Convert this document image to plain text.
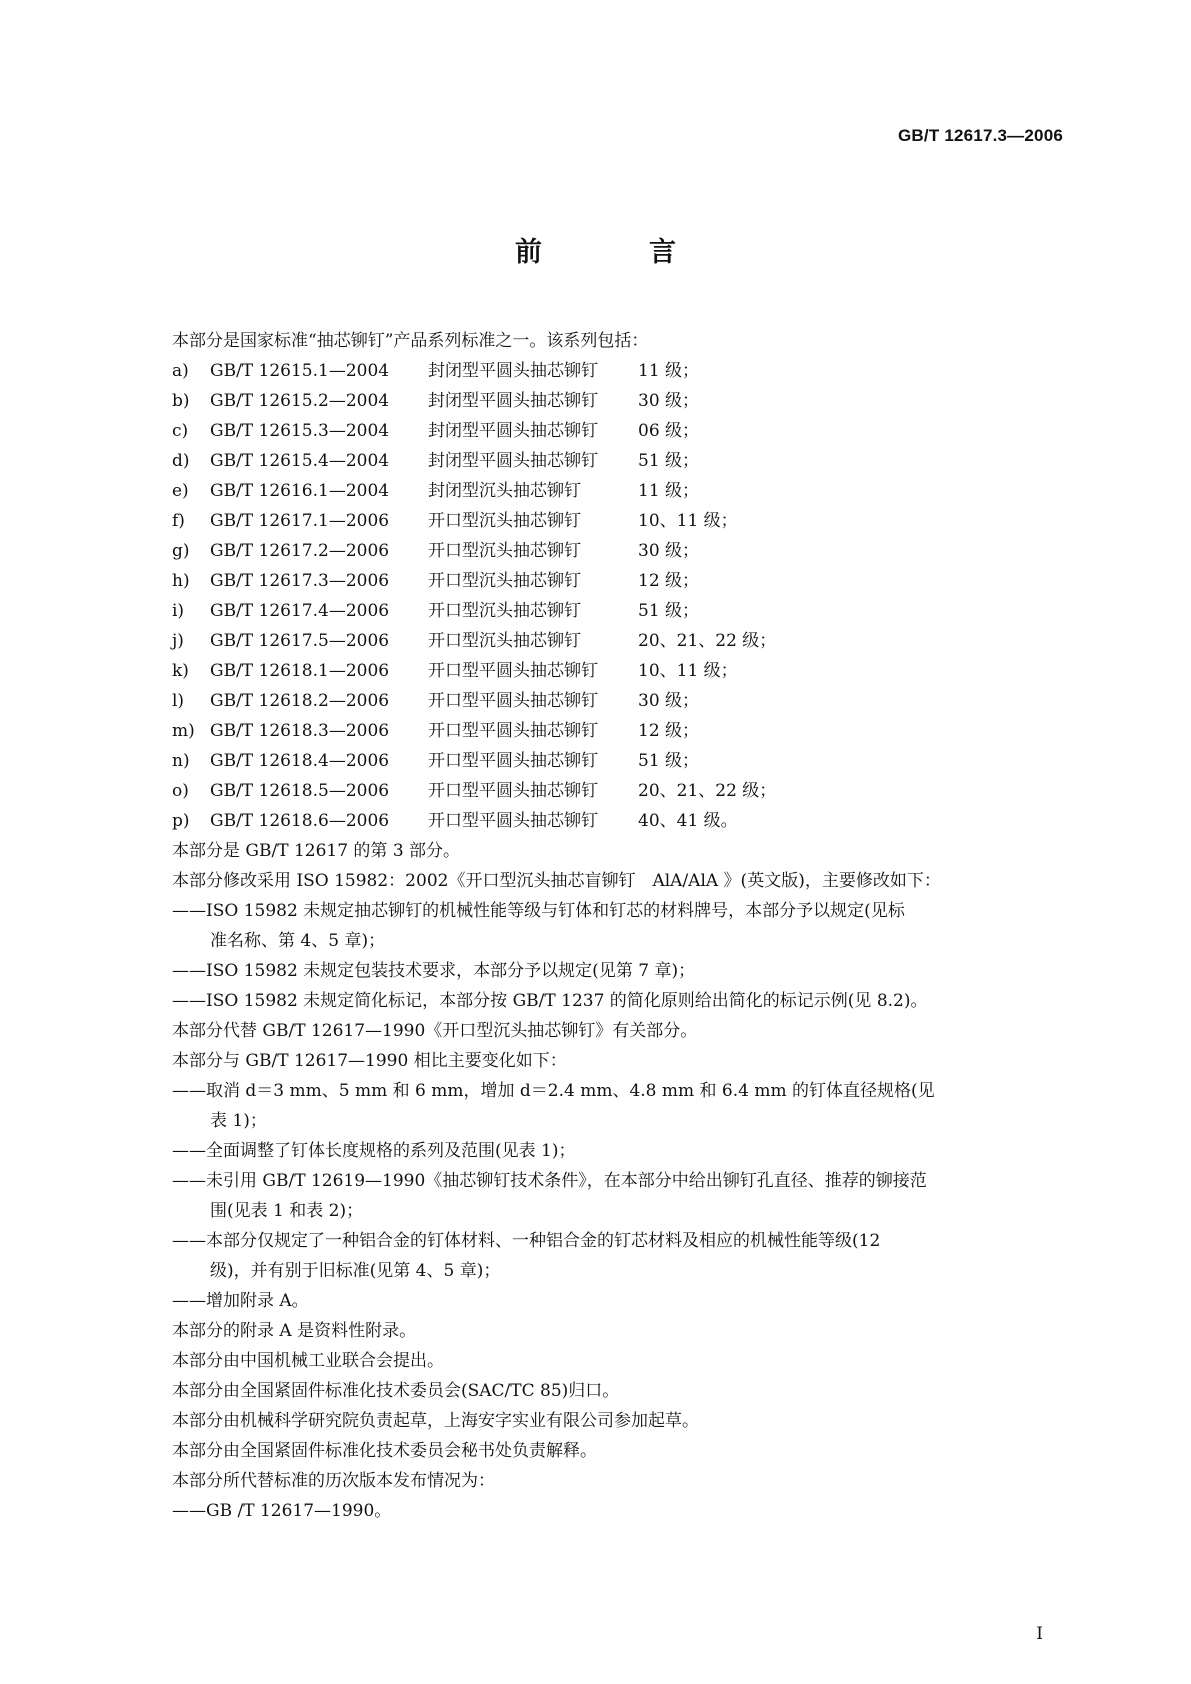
GB/T 12617.3—2006
前　言
本部分是国家标准“抽芯铆钉”产品系列标准之一。该系列包括：
a) GB/T 12615.1—2004 封闭型平圆头抽芯铆钉 11 级；
b) GB/T 12615.2—2004 封闭型平圆头抽芯铆钉 30 级；
c) GB/T 12615.3—2004 封闭型平圆头抽芯铆钉 06 级；
d) GB/T 12615.4—2004 封闭型平圆头抽芯铆钉 51 级；
e) GB/T 12616.1—2004 封闭型沉头抽芯铆钉	11 级；
f) GB/T 12617.1—2006 开口型沉头抽芯铆钉	10、11 级；
g) GB/T 12617.2—2006 开口型沉头抽芯铆钉	30 级；
h) GB/T 12617.3—2006 开口型沉头抽芯铆钉	12 级；
i) GB/T 12617.4—2006 开口型沉头抽芯铆钉	51 级；
j) GB/T 12617.5—2006 开口型沉头抽芯铆钉	20、21、22 级；
k) GB/T 12618.1—2006 开口型平圆头抽芯铆钉 10、11 级；
l) GB/T 12618.2—2006 开口型平圆头抽芯铆钉 30 级；
m) GB/T 12618.3—2006 开口型平圆头抽芯铆钉 12 级；
n) GB/T 12618.4—2006 开口型平圆头抽芯铆钉 51 级；
o) GB/T 12618.5—2006 开口型平圆头抽芯铆钉 20、21、22 级；
p) GB/T 12618.6—2006 开口型平圆头抽芯铆钉 40、41 级。
本部分是 GB/T 12617 的第 3 部分。
本部分修改采用 ISO 15982：2002《开口型沉头抽芯盲铆钉　AlA/AlA 》(英文版)，主要修改如下：
——ISO 15982 未规定抽芯铆钉的机械性能等级与钉体和钉芯的材料牌号，本部分予以规定(见标
准名称、第 4、5 章)；
——ISO 15982 未规定包装技术要求，本部分予以规定(见第 7 章)；
——ISO 15982 未规定简化标记，本部分按 GB/T 1237 的简化原则给出简化的标记示例(见 8.2)。
本部分代替 GB/T 12617—1990《开口型沉头抽芯铆钉》有关部分。
本部分与 GB/T 12617—1990 相比主要变化如下：
——取消 d＝3 mm、5 mm 和 6 mm，增加 d＝2.4 mm、4.8 mm 和 6.4 mm 的钉体直径规格(见
表 1)；
——全面调整了钉体长度规格的系列及范围(见表 1)；
——未引用 GB/T 12619—1990《抽芯铆钉技术条件》，在本部分中给出铆钉孔直径、推荐的铆接范
围(见表 1 和表 2)；
——本部分仅规定了一种铝合金的钉体材料、一种铝合金的钉芯材料及相应的机械性能等级(12
级)，并有别于旧标准(见第 4、5 章)；
——增加附录 A。
本部分的附录 A 是资料性附录。
本部分由中国机械工业联合会提出。
本部分由全国紧固件标准化技术委员会(SAC/TC 85)归口。
本部分由机械科学研究院负责起草，上海安字实业有限公司参加起草。
本部分由全国紧固件标准化技术委员会秘书处负责解释。
本部分所代替标准的历次版本发布情况为：
——GB /T 12617—1990。
I
